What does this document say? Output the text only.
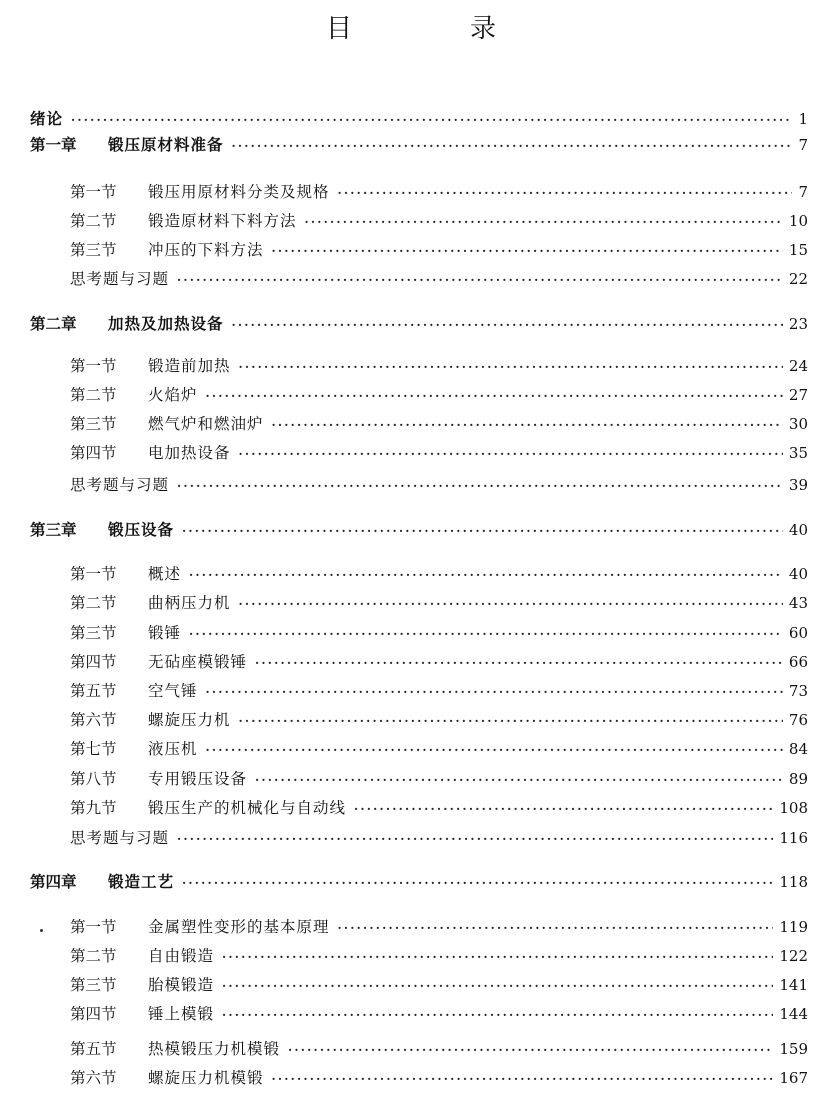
目　录
绪论 ·····	1
第一章	锻压原材料准备 ·····	7
第一节	锻压用原材料分类及规格 ·····	7
第二节	锻造原材料下料方法 ·····	10
第三节	冲压的下料方法 ·····	15
思考题与习题 ·····	22
第二章	加热及加热设备 ·····	23
第一节	锻造前加热 ·····	24
第二节	火焰炉 ·····	27
第三节	燃气炉和燃油炉 ·····	30
第四节	电加热设备 ·····	35
思考题与习题 ·····	39
第三章	锻压设备 ·····	40
第一节	概述 ·····	40
第二节	曲柄压力机 ·····	43
第三节	锻锤 ·····	60
第四节	无砧座模锻锤 ·····	66
第五节	空气锤 ·····	73
第六节	螺旋压力机 ·····	76
第七节	液压机 ·····	84
第八节	专用锻压设备 ·····	89
第九节	锻压生产的机械化与自动线 ·····	108
思考题与习题 ·····	116
第四章	锻造工艺 ·····	118
第一节	金属塑性变形的基本原理 ·····	119
第二节	自由锻造 ·····	122
第三节	胎模锻造 ·····	141
第四节	锤上模锻 ·····	144
第五节	热模锻压力机模锻 ·····	159
第六节	螺旋压力机模锻 ·····	167
